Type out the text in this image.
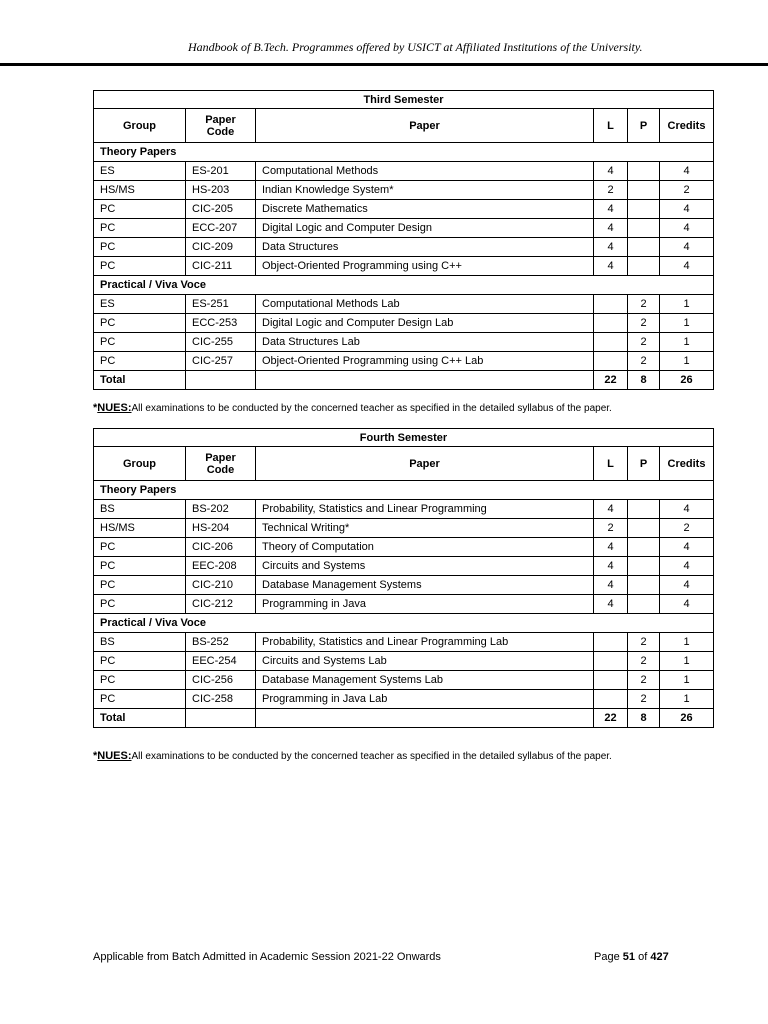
Handbook of B.Tech. Programmes offered by USICT at Affiliated Institutions of the University.
Third Semester					
Group	Paper Code	Paper	L	P	Credits
Theory Papers					
ES	ES-201	Computational Methods	4		4
HS/MS	HS-203	Indian Knowledge System*	2		2
PC	CIC-205	Discrete Mathematics	4		4
PC	ECC-207	Digital Logic and Computer Design	4		4
PC	CIC-209	Data Structures	4		4
PC	CIC-211	Object-Oriented Programming using C++	4		4
Practical / Viva Voce					
ES	ES-251	Computational Methods Lab		2	1
PC	ECC-253	Digital Logic and Computer Design Lab		2	1
PC	CIC-255	Data Structures Lab		2	1
PC	CIC-257	Object-Oriented Programming using C++ Lab		2	1
Total			22	8	26
*NUES:All examinations to be conducted by the concerned teacher as specified in the detailed syllabus of the paper.
Fourth Semester					
Group	Paper Code	Paper	L	P	Credits
Theory Papers					
BS	BS-202	Probability, Statistics and Linear Programming	4		4
HS/MS	HS-204	Technical Writing*	2		2
PC	CIC-206	Theory of Computation	4		4
PC	EEC-208	Circuits and Systems	4		4
PC	CIC-210	Database Management Systems	4		4
PC	CIC-212	Programming in Java	4		4
Practical / Viva Voce					
BS	BS-252	Probability, Statistics and Linear Programming Lab		2	1
PC	EEC-254	Circuits and Systems Lab		2	1
PC	CIC-256	Database Management Systems Lab		2	1
PC	CIC-258	Programming in Java Lab		2	1
Total			22	8	26
*NUES:All examinations to be conducted by the concerned teacher as specified in the detailed syllabus of the paper.
Applicable from Batch Admitted in Academic Session 2021-22 Onwards	Page 51 of 427
